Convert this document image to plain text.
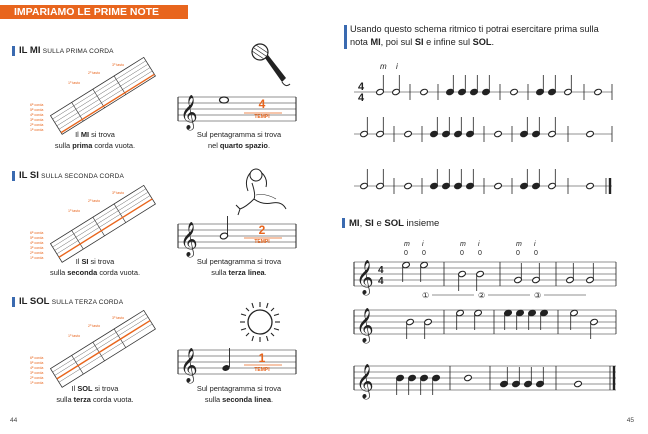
IMPARIAMO LE PRIME NOTE
IL MI SULLA PRIMA CORDA
IL SI SULLA SECONDA CORDA
IL SOL SULLA TERZA CORDA
6ª corda
5ª corda
4ª corda
3ª corda
2ª corda
1ª corda
1º tasto
2º tasto
3º tasto
6ª corda
5ª corda
4ª corda
3ª corda
2ª corda
1ª corda
1º tasto
2º tasto
3º tasto
6ª corda
5ª corda
4ª corda
3ª corda
2ª corda
1ª corda
1º tasto
2º tasto
3º tasto
Il MI si trova
sulla prima corda vuota.
Il SI si trova
sulla seconda corda vuota.
Il SOL si trova
sulla terza corda vuota.
𝄞	4
TEMPI
Sul pentagramma si trova
nel quarto spazio.
𝄞	2
TEMPI
Sul pentagramma si trova
sulla terza linea.
𝄞	1
TEMPI
Sul pentagramma si trova
sulla seconda linea.
44
Usando questo schema ritmico ti potrai esercitare prima sulla
nota MI, poi sul SI e infine sul SOL.
m i
4
4
MI, SI e SOL insieme
m
0
i
0
m
0
i
0
m
0
i
0
𝄞 4
4
①	②	③
𝄞
𝄞
45
